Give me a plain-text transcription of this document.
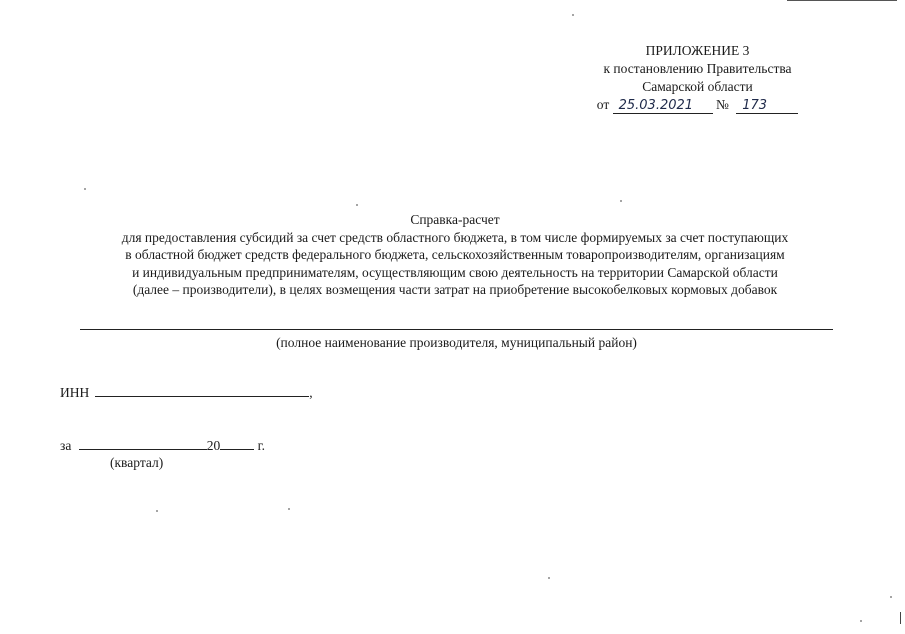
ПРИЛОЖЕНИЕ 3
к постановлению Правительства
Самарской области
от 25.03.2021 № 173
Справка-расчет
для предоставления субсидий за счет средств областного бюджета, в том числе формируемых за счет поступающих
в областной бюджет средств федерального бюджета, сельскохозяйственным товаропроизводителям, организациям
и индивидуальным предпринимателям, осуществляющим свою деятельность на территории Самарской области
(далее – производители), в целях возмещения части затрат на приобретение высокобелковых кормовых добавок
(полное наименование производителя, муниципальный район)
ИНН	,
за	20	г.
(квартал)
